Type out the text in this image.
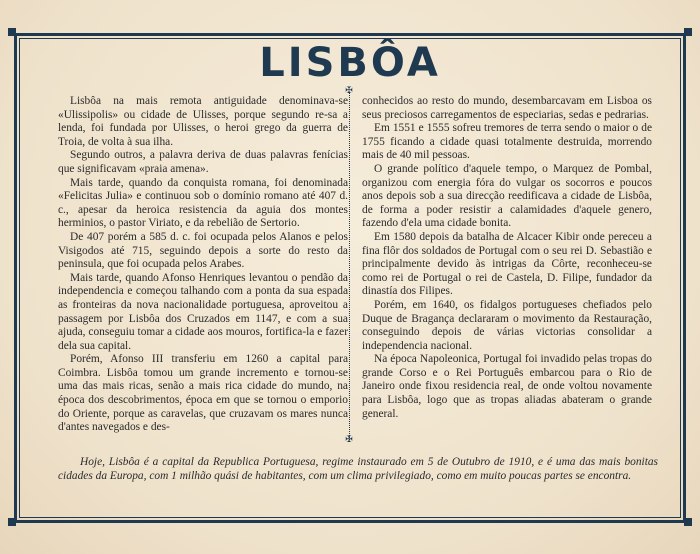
LISBÔA

Lisbôa na mais remota antiguidade denominava-se «Ulissipolis» ou cidade de Ulisses, porque segundo re-sa a lenda, foi fundada por Ulisses, o heroi grego da guerra de Troia, de volta à sua ilha.

Segundo outros, a palavra deriva de duas palavras fenícias que significavam «praia amena».

Mais tarde, quando da conquista romana, foi denominada «Felicitas Julia» e continuou sob o domínio romano até 407 d. c., apesar da heroica resistencia da aguia dos montes herminios, o pastor Viriato, e da rebelião de Sertorio.

De 407 porém a 585 d. c. foi ocupada pelos Alanos e pelos Visigodos até 715, seguindo depois a sorte do resto da peninsula, que foi ocupada pelos Arabes.

Mais tarde, quando Afonso Henriques levantou o pendão da independencia e começou talhando com a ponta da sua espada as fronteiras da nova nacionalidade portuguesa, aproveitou a passagem por Lisbôa dos Cruzados em 1147, e com a sua ajuda, conseguiu tomar a cidade aos mouros, fortifica-la e fazer dela sua capital.

Porém, Afonso III transferiu em 1260 a capital para Coimbra. Lisbôa tomou um grande incremento e tornou-se uma das mais ricas, senão a mais rica cidade do mundo, na época dos descobrimentos, época em que se tornou o emporio do Oriente, porque as caravelas, que cruzavam os mares nunca d'antes navegados e des-

✠
✠

conhecidos ao resto do mundo, desembarcavam em Lisboa os seus preciosos carregamentos de especiarias, sedas e pedrarias.

Em 1551 e 1555 sofreu tremores de terra sendo o maior o de 1755 ficando a cidade quasi totalmente destruida, morrendo mais de 40 mil pessoas.

O grande político d'aquele tempo, o Marquez de Pombal, organizou com energia fóra do vulgar os socorros e poucos anos depois sob a sua direcção reedificava a cidade de Lisbôa, de forma a poder resistir a calamidades d'aquele genero, fazendo d'ela uma cidade bonita.

Em 1580 depois da batalha de Alcacer Kibir onde pereceu a fina flôr dos soldados de Portugal com o seu rei D. Sebastião e principalmente devido às intrigas da Côrte, reconheceu-se como rei de Portugal o rei de Castela, D. Filipe, fundador da dinastía dos Filipes.

Porém, em 1640, os fidalgos portugueses chefiados pelo Duque de Bragança declararam o movimento da Restauração, conseguindo depois de várias victorias consolidar a independencia nacional.

Na época Napoleonica, Portugal foi invadido pelas tropas do grande Corso e o Rei Português embarcou para o Rio de Janeiro onde fixou residencia real, de onde voltou novamente para Lisbôa, logo que as tropas aliadas abateram o grande general.

Hoje, Lisbôa é a capital da Republica Portuguesa, regime instaurado em 5 de Outubro de 1910, e é uma das mais bonitas cidades da Europa, com 1 milhão quási de habitantes, com um clima privilegiado, como em muito poucas partes se encontra.
